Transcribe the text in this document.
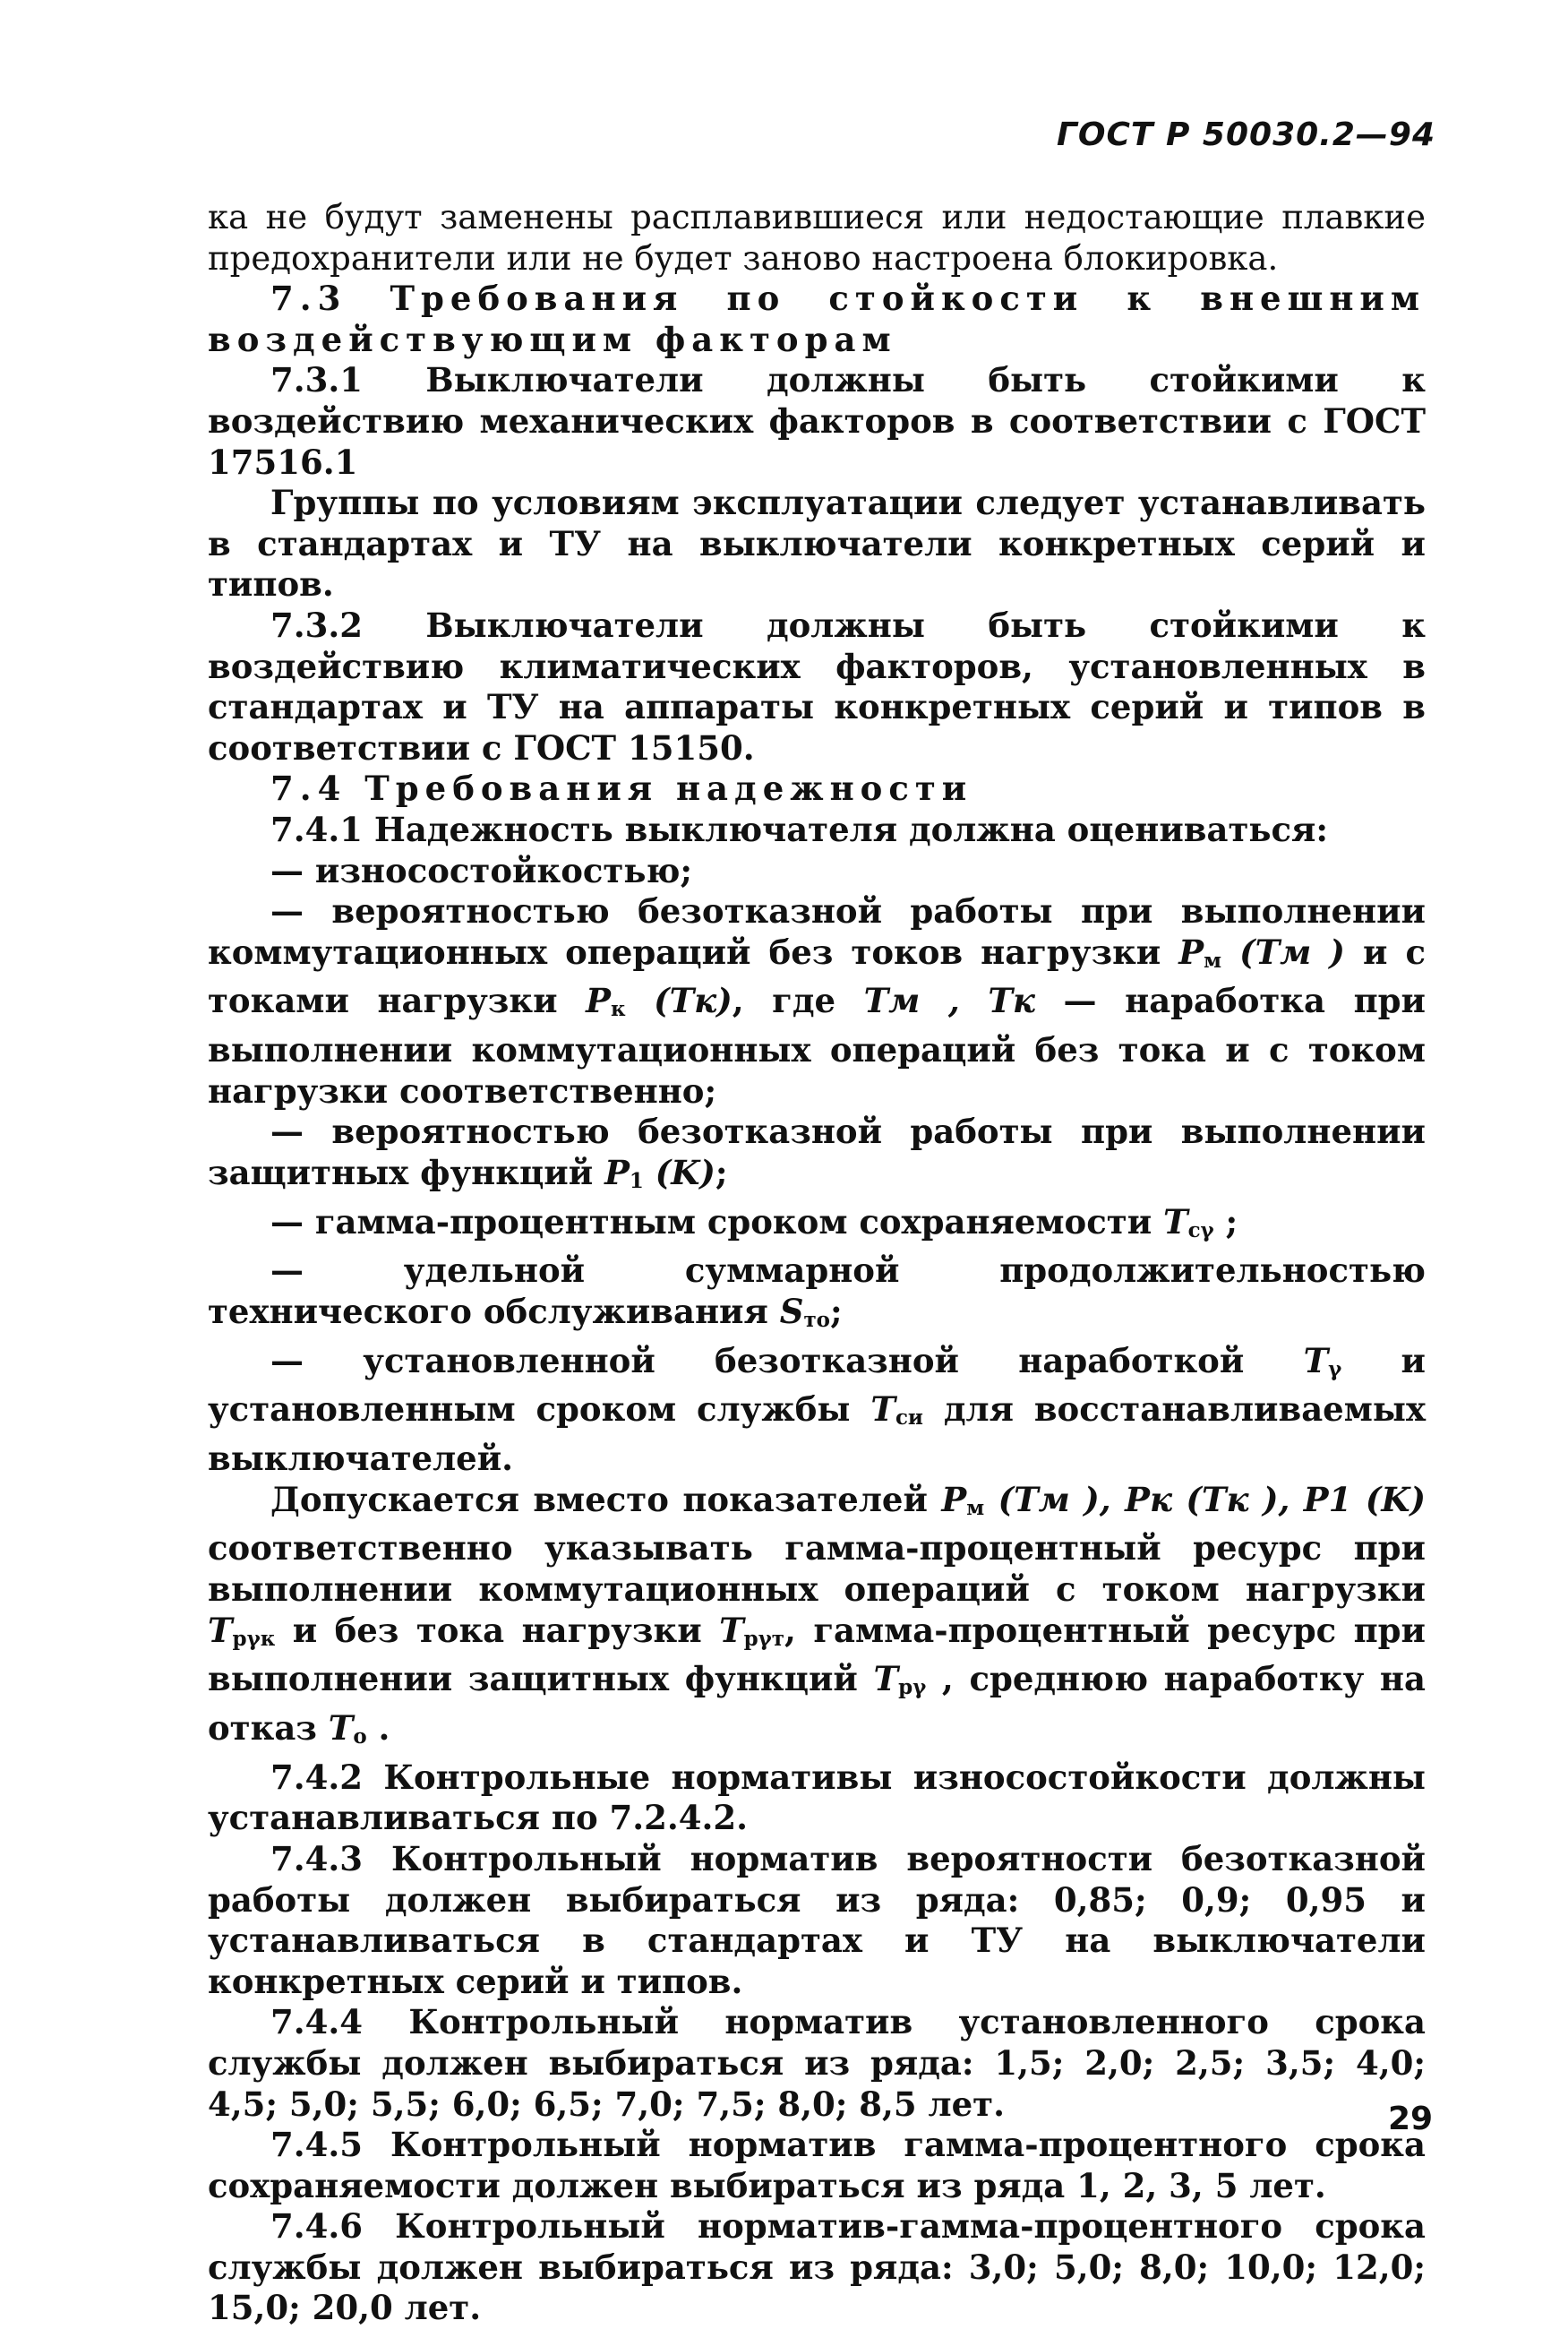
ГОСТ Р 50030.2—94

ка не будут заменены расплавившиеся или недостающие плавкие предохранители или не будет заново настроена блокировка.

7.3 Требования по стойкости к внешним воздействующим факторам

7.3.1 Выключатели должны быть стойкими к воздействию механических факторов в соответствии с ГОСТ 17516.1

Группы по условиям эксплуатации следует устанавливать в стандартах и ТУ на выключатели конкретных серий и типов.

7.3.2 Выключатели должны быть стойкими к воздействию климатических факторов, установленных в стандартах и ТУ на аппараты конкретных серий и типов в соответствии с ГОСТ 15150.

7.4 Требования надежности

7.4.1 Надежность выключателя должна оцениваться:

— износостойкостью;

— вероятностью безотказной работы при выполнении коммутационных операций без токов нагрузки Pм (Tм ) и с токами нагрузки Pк (Tк), где Tм , Tк — наработка при выполнении коммутационных операций без тока и с током нагрузки соответственно;

— вероятностью безотказной работы при выполнении защитных функций P1 (K);

— гамма-процентным сроком сохраняемости Tсγ ;

— удельной суммарной продолжительностью технического обслуживания Sто;

— установленной безотказной наработкой Tγ и установленным сроком службы Tси для восстанавливаемых выключателей.

Допускается вместо показателей Pм (Tм ), Pк (Tк ), P1 (K) соответственно указывать гамма-процентный ресурс при выполнении коммутационных операций с током нагрузки Tрγк и без тока нагрузки Tрγт, гамма-процентный ресурс при выполнении защитных функций Tрγ , среднюю наработку на отказ Tо .

7.4.2 Контрольные нормативы износостойкости должны устанавливаться по 7.2.4.2.

7.4.3 Контрольный норматив вероятности безотказной работы должен выбираться из ряда: 0,85; 0,9; 0,95 и устанавливаться в стандартах и ТУ на выключатели конкретных серий и типов.

7.4.4 Контрольный норматив установленного срока службы должен выбираться из ряда: 1,5; 2,0; 2,5; 3,5; 4,0; 4,5; 5,0; 5,5; 6,0; 6,5; 7,0; 7,5; 8,0; 8,5 лет.

7.4.5 Контрольный норматив гамма-процентного срока сохраняемости должен выбираться из ряда 1, 2, 3, 5 лет.

7.4.6 Контрольный норматив-гамма-процентного срока службы должен выбираться из ряда: 3,0; 5,0; 8,0; 10,0; 12,0; 15,0; 20,0 лет.

29
